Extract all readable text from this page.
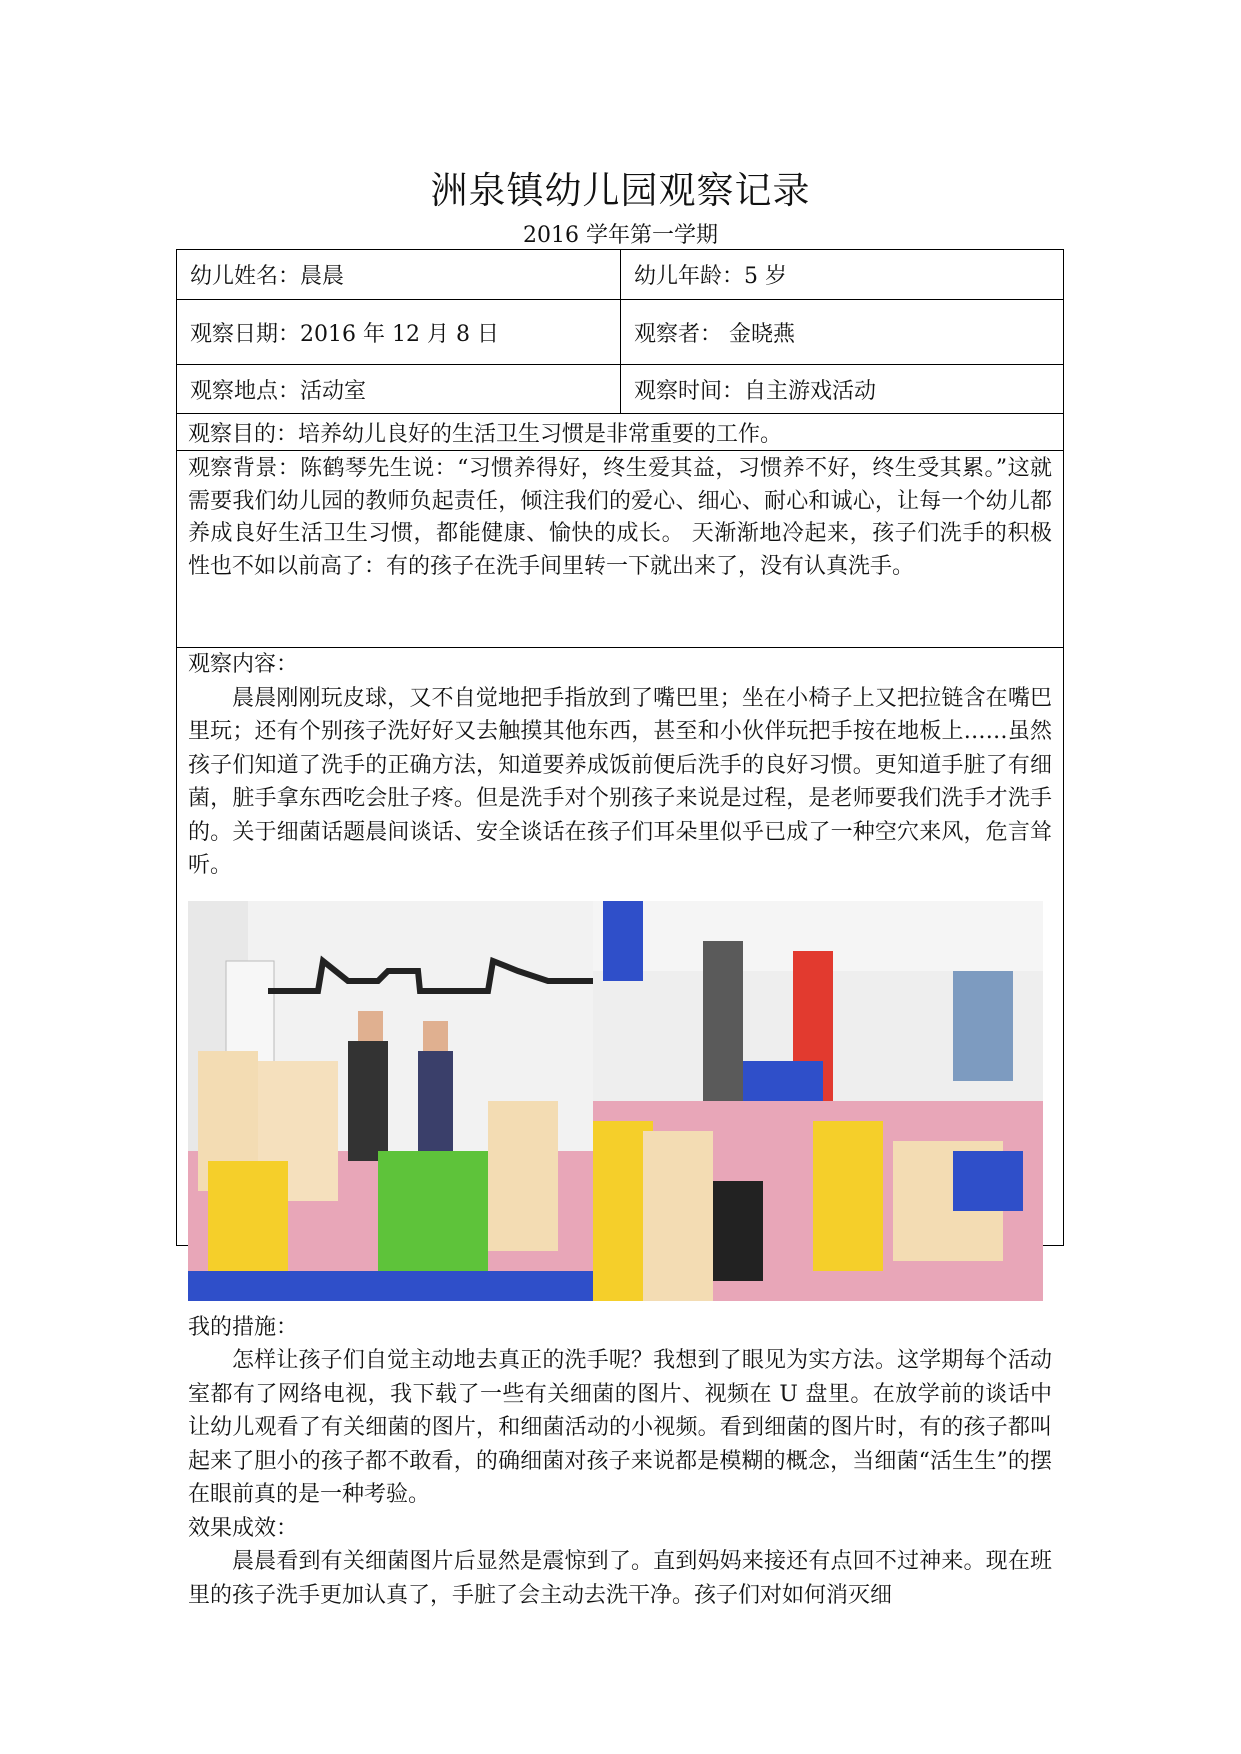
洲泉镇幼儿园观察记录

2016 学年第一学期

幼儿姓名：晨晨	幼儿年龄：5 岁
观察日期：2016 年 12 月 8 日	观察者： 金晓燕
观察地点：活动室	观察时间：自主游戏活动
观察目的：培养幼儿良好的生活卫生习惯是非常重要的工作。

观察背景：陈鹤琴先生说：“习惯养得好，终生爱其益，习惯养不好，终生受其累。”这就需要我们幼儿园的教师负起责任，倾注我们的爱心、细心、耐心和诚心，让每一个幼儿都养成良好生活卫生习惯，都能健康、愉快的成长。 天渐渐地冷起来，孩子们洗手的积极性也不如以前高了：有的孩子在洗手间里转一下就出来了，没有认真洗手。

观察内容：

晨晨刚刚玩皮球，又不自觉地把手指放到了嘴巴里；坐在小椅子上又把拉链含在嘴巴里玩；还有个别孩子洗好好又去触摸其他东西，甚至和小伙伴玩把手按在地板上……虽然孩子们知道了洗手的正确方法，知道要养成饭前便后洗手的良好习惯。更知道手脏了有细菌，脏手拿东西吃会肚子疼。但是洗手对个别孩子来说是过程，是老师要我们洗手才洗手的。关于细菌话题晨间谈话、安全谈话在孩子们耳朵里似乎已成了一种空穴来风，危言耸听。

我的措施：

怎样让孩子们自觉主动地去真正的洗手呢？我想到了眼见为实方法。这学期每个活动室都有了网络电视，我下载了一些有关细菌的图片、视频在 U 盘里。在放学前的谈话中让幼儿观看了有关细菌的图片，和细菌活动的小视频。看到细菌的图片时，有的孩子都叫起来了胆小的孩子都不敢看，的确细菌对孩子来说都是模糊的概念，当细菌“活生生”的摆在眼前真的是一种考验。

效果成效：

晨晨看到有关细菌图片后显然是震惊到了。直到妈妈来接还有点回不过神来。现在班里的孩子洗手更加认真了，手脏了会主动去洗干净。孩子们对如何消灭细
